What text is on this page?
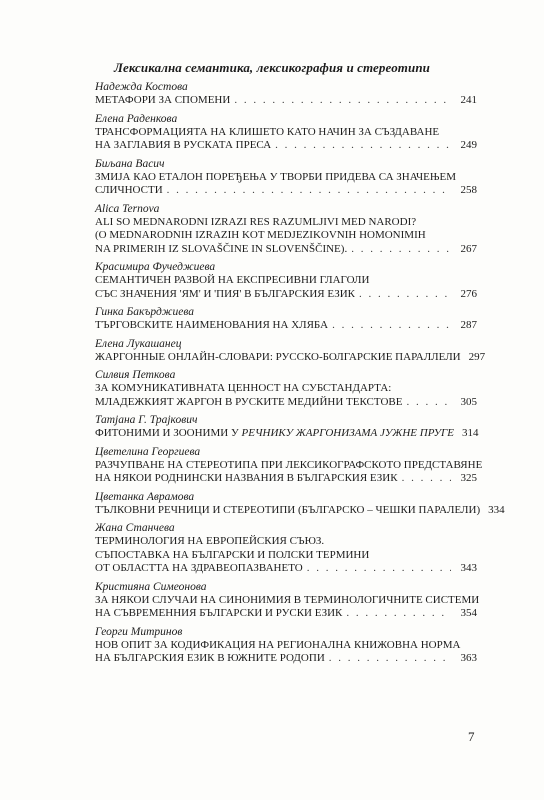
Лексикална семантика, лексикография и стереотипи
Надежда Костова
МЕТАФОРИ ЗА СПОМЕНИ . . .	241
Елена Раденкова
ТРАНСФОРМАЦИЯТА НА КЛИШЕТО КАТО НАЧИН ЗА СЪЗДАВАНЕ
НА ЗАГЛАВИЯ В РУСКАТА ПРЕСА . . .	249
Биљана Васич
ЗМИЈА КАО ЕТАЛОН ПОРЕЂЕЊА У ТВОРБИ ПРИДЕВА СА ЗНАЧЕЊЕМ
СЛИЧНОСТИ . . .	258
Alicа Ternova
ALI SO MEDNARODNI IZRAZI RES RAZUMLJIVI MED NARODI?
(O MEDNARODNIH IZRAZIH KOT MEDJEZIKOVNIH HOMONIMIH
NA PRIMERIH IZ SLOVAŠČINE IN SLOVENŠČINE). . . .	267
Красимира Фучеджиева
СЕМАНТИЧЕН РАЗВОЙ НА ЕКСПРЕСИВНИ ГЛАГОЛИ
СЪС ЗНАЧЕНИЯ 'ЯМ' И 'ПИЯ' В БЪЛГАРСКИЯ ЕЗИК . . .	276
Гинка Бакърджиева
ТЪРГОВСКИТЕ НАИМЕНОВАНИЯ НА ХЛЯБА . . .	287
Елена Лукашанец
ЖАРГОННЫЕ ОНЛАЙН-СЛОВАРИ: РУССКО-БОЛГАРСКИЕ ПАРАЛЛЕЛИ 297
Силвия Петкова
ЗА КОМУНИКАТИВНАТА ЦЕННОСТ НА СУБСТАНДАРТА:
МЛАДЕЖКИЯТ ЖАРГОН В РУСКИТЕ МЕДИЙНИ ТЕКСТОВЕ . . .	305
Татјана Г. Трајкович
ФИТОНИМИ И ЗООНИМИ У РЕЧНИКУ ЖАРГОНИЗАМА ЈУЖНЕ ПРУГЕ 314
Цветелина Георгиева
РАЗЧУПВАНЕ НА СТЕРЕОТИПА ПРИ ЛЕКСИКОГРАФСКОТО ПРЕДСТАВЯНЕ
НА НЯКОИ РОДНИНСКИ НАЗВАНИЯ В БЪЛГАРСКИЯ ЕЗИК . . .	325
Цветанка Аврамова
ТЪЛКОВНИ РЕЧНИЦИ И СТЕРЕОТИПИ (БЪЛГАРСКО – ЧЕШКИ ПАРАЛЕЛИ) 334
Жана Станчева
ТЕРМИНОЛОГИЯ НА ЕВРОПЕЙСКИЯ СЪЮЗ.
СЪПОСТАВКА НА БЪЛГАРСКИ И ПОЛСКИ ТЕРМИНИ
ОТ ОБЛАСТТА НА ЗДРАВЕОПАЗВАНЕТО . . .	343
Кристияна Симеонова
ЗА НЯКОИ СЛУЧАИ НА СИНОНИМИЯ В ТЕРМИНОЛОГИЧНИТЕ СИСТЕМИ
НА СЪВРЕМЕННИЯ БЪЛГАРСКИ И РУСКИ ЕЗИК . . .	354
Георги Митринов
НОВ ОПИТ ЗА КОДИФИКАЦИЯ НА РЕГИОНАЛНА КНИЖОВНА НОРМА
НА БЪЛГАРСКИЯ ЕЗИК В ЮЖНИТЕ РОДОПИ . . .	363
7
